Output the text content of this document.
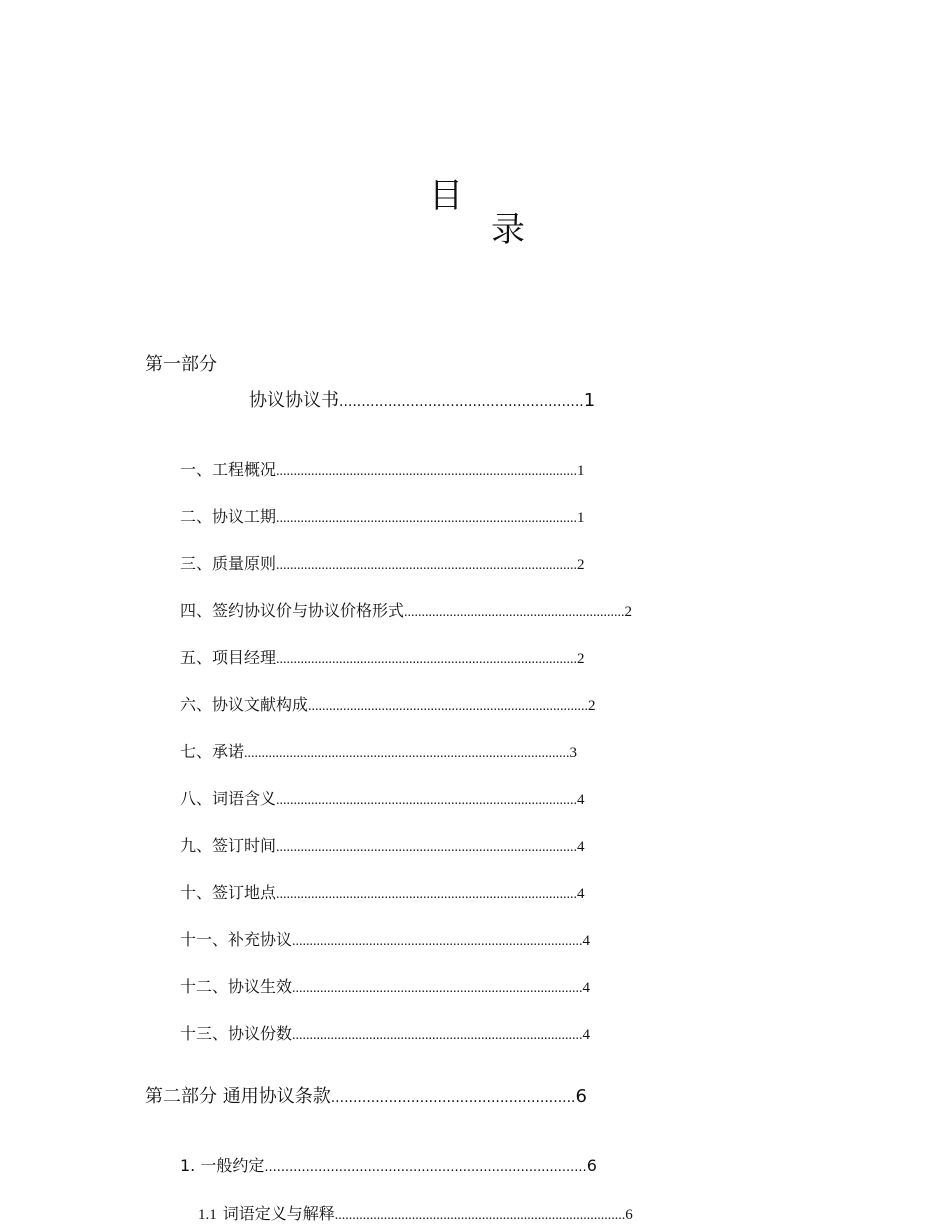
目
录
第一部分
协议协议书.......................................................1
一、工程概况......................................................................................1
二、协议工期......................................................................................1
三、质量原则......................................................................................2
四、签约协议价与协议价格形式...............................................................2
五、项目经理......................................................................................2
六、协议文献构成................................................................................2
七、承诺.............................................................................................3
八、词语含义......................................................................................4
九、签订时间......................................................................................4
十、签订地点......................................................................................4
十一、补充协议...................................................................................4
十二、协议生效...................................................................................4
十三、协议份数...................................................................................4
第二部分 通用协议条款.......................................................6
1. 一般约定..............................................................................6
1.1 词语定义与解释...................................................................................6
